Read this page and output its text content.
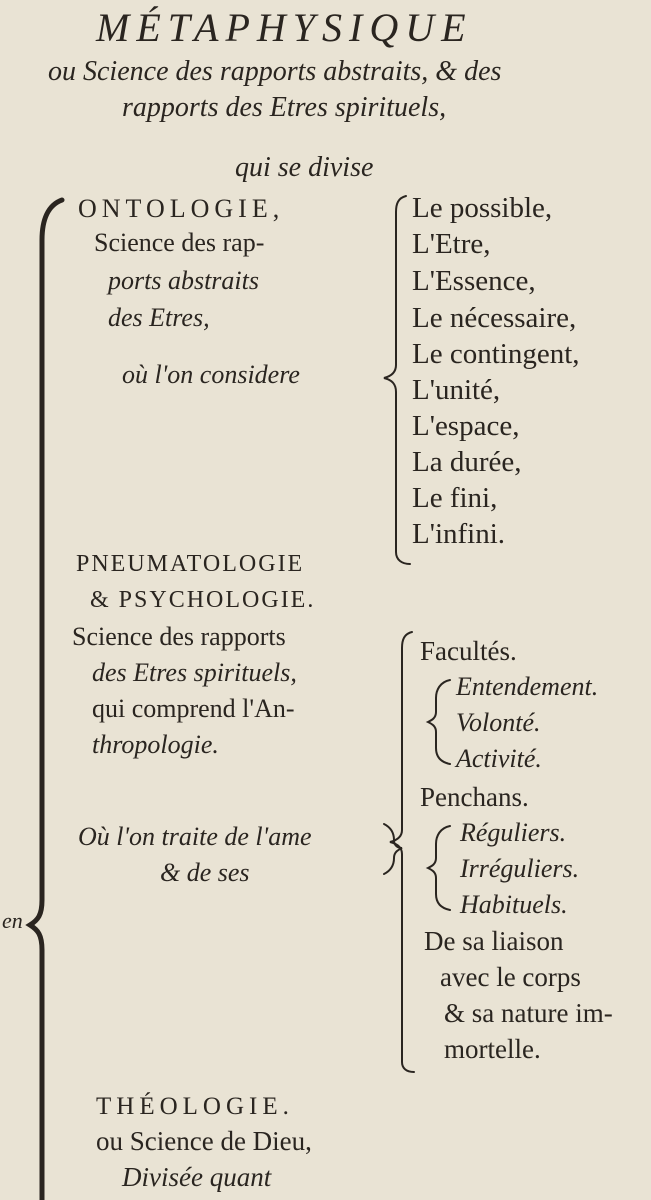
MÉTAPHYSIQUE
ou Science des rapports abstraits, & des
rapports des Etres spirituels,
qui se divise
en
ONTOLOGIE,
Science des rap-
ports abstraits
des Etres,
où l'on considere
Le possible,
L'Etre,
L'Essence,
Le nécessaire,
Le contingent,
L'unité,
L'espace,
La durée,
Le fini,
L'infini.
PNEUMATOLOGIE
& PSYCHOLOGIE.
Science des rapports
des Etres spirituels,
qui comprend l'An-
thropologie.
Où l'on traite de l'ame
& de ses
Facultés.
Entendement.
Volonté.
Activité.
Penchans.
Réguliers.
Irréguliers.
Habituels.
De sa liaison
avec le corps
& sa nature im-
mortelle.
THÉOLOGIE.
ou Science de Dieu,
Divisée quant
